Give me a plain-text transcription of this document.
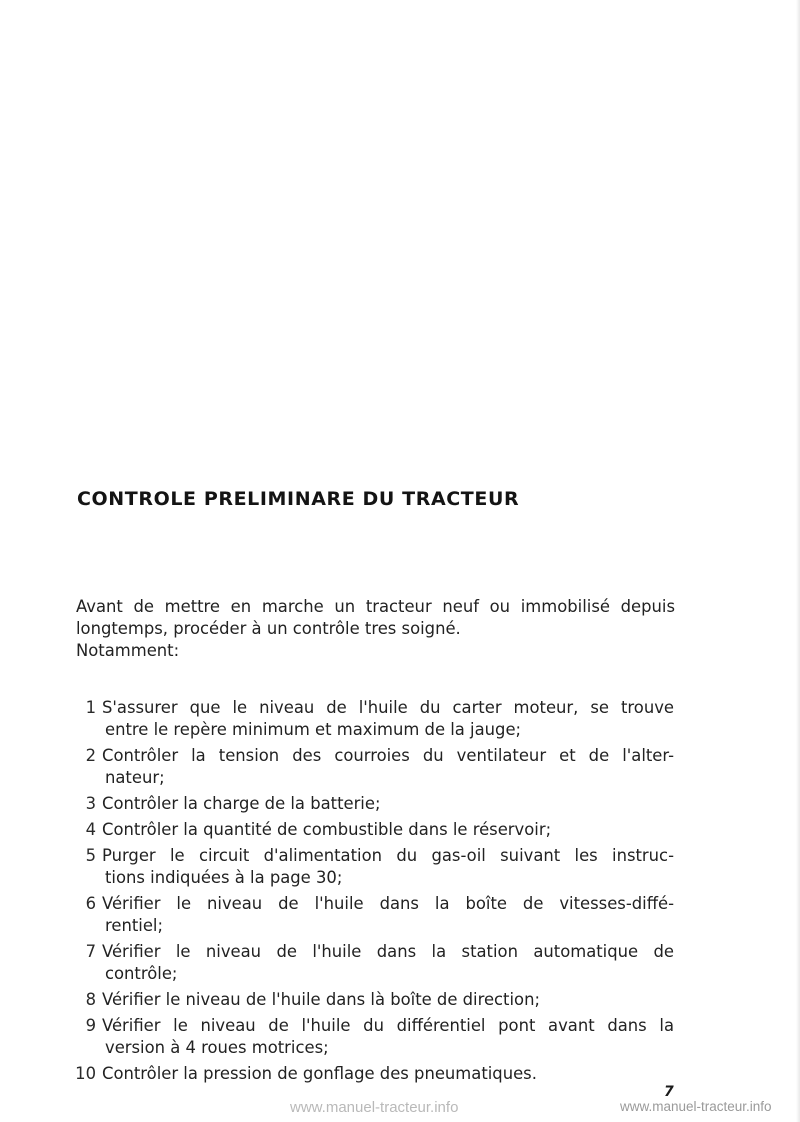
CONTROLE PRELIMINARE DU TRACTEUR
Avant de mettre en marche un tracteur neuf ou immobilisé depuis
longtemps, procéder à un contrôle tres soigné.
Notamment:
1 S'assurer que le niveau de l'huile du carter moteur, se trouve
entre le repère minimum et maximum de la jauge;
2 Contrôler la tension des courroies du ventilateur et de l'alter-
nateur;
3 Contrôler la charge de la batterie;
4 Contrôler la quantité de combustible dans le réservoir;
5 Purger le circuit d'alimentation du gas-oil suivant les instruc-
tions indiquées à la page 30;
6 Vérifier le niveau de l'huile dans la boîte de vitesses-diffé-
rentiel;
7 Vérifier le niveau de l'huile dans la station automatique de
contrôle;
8 Vérifier le niveau de l'huile dans là boîte de direction;
9 Vérifier le niveau de l'huile du différentiel pont avant dans la
version à 4 roues motrices;
10 Contrôler la pression de gonflage des pneumatiques.
7
www.manuel-tracteur.info	www.manuel-tracteur.info
